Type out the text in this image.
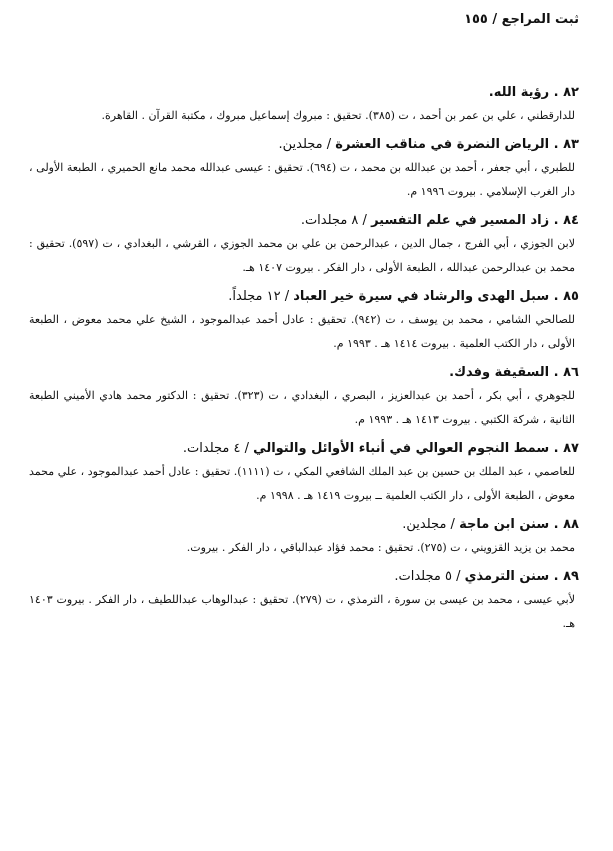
ثبت المراجع / ١٥٥
٨٢ . رؤية الله.
للدارقطني ، علي بن عمر بن أحمد ، ت (٣٨٥). تحقيق : مبروك إسماعيل مبروك ، مكتبة القرآن . القاهرة.
٨٣ . الرياض النضرة في مناقب العشرة / مجلدين.
للطبري ، أبي جعفر ، أحمد بن عبدالله بن محمد ، ت (٦٩٤). تحقيق : عيسى عبدالله محمد مانع الحميري ، الطبعة الأولى ، دار الغرب الإسلامي . بيروت ١٩٩٦ م.
٨٤ . زاد المسير في علم التفسير / ٨ مجلدات.
لابن الجوزي ، أبي الفرج ، جمال الدين ، عبدالرحمن بن علي بن محمد الجوزي ، القرشي ، البغدادي ، ت (٥٩٧). تحقيق : محمد بن عبدالرحمن عبدالله ، الطبعة الأولى ، دار الفكر . بيروت ١٤٠٧ هـ.
٨٥ . سبل الهدى والرشاد في سيرة خير العباد / ١٢ مجلداً.
للصالحي الشامي ، محمد بن يوسف ، ت (٩٤٢). تحقيق : عادل أحمد عبدالموجود ، الشيخ علي محمد معوض ، الطبعة الأولى ، دار الكتب العلمية . بيروت ١٤١٤ هـ . ١٩٩٣ م.
٨٦ . السقيفة وفدك.
للجوهري ، أبي بكر ، أحمد بن عبدالعزيز ، البصري ، البغدادي ، ت (٣٢٣). تحقيق : الدكتور محمد هادي الأميني الطبعة الثانية ، شركة الكتبي . بيروت ١٤١٣ هـ . ١٩٩٣ م.
٨٧ . سمط النجوم العوالي في أنباء الأوائل والتوالي / ٤ مجلدات.
للعاصمي ، عبد الملك بن حسين بن عبد الملك الشافعي المكي ، ت (١١١١). تحقيق : عادل أحمد عبدالموجود ، علي محمد معوض ، الطبعة الأولى ، دار الكتب العلمية ــ بيروت ١٤١٩ هـ . ١٩٩٨ م.
٨٨ . سنن ابن ماجة / مجلدين.
محمد بن يزيد القزويني ، ت (٢٧٥). تحقيق : محمد فؤاد عبدالباقي ، دار الفكر . بيروت.
٨٩ . سنن الترمذي / ٥ مجلدات.
لأبي عيسى ، محمد بن عيسى بن سورة ، الترمذي ، ت (٢٧٩). تحقيق : عبدالوهاب عبداللطيف ، دار الفكر . بيروت ١٤٠٣ هـ.
